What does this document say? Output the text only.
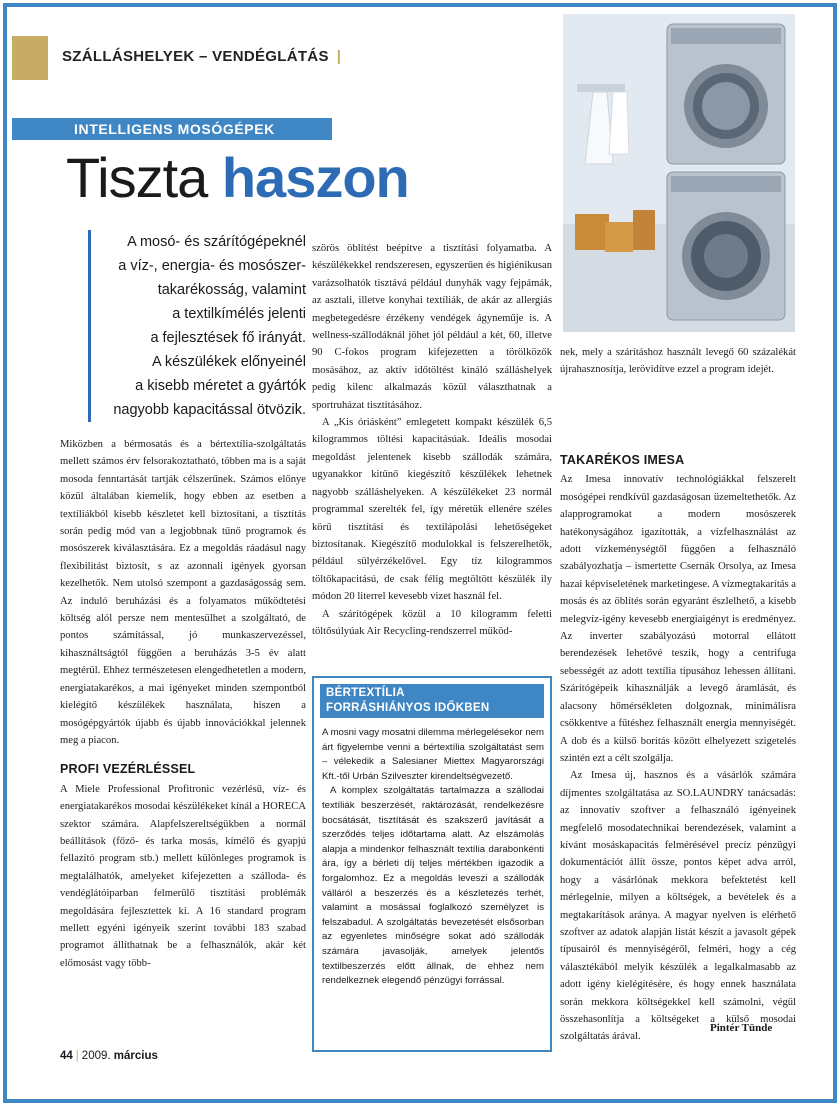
SZÁLLÁSHELYEK – VENDÉGLÁTÁS |
INTELLIGENS MOSÓGÉPEK
Tiszta haszon
A mosó- és szárítógépeknél
a víz-, energia- és mosószer-
takarékosság, valamint
a textilkímélés jelenti
a fejlesztések fő irányát.
A készülékek előnyeinél
a kisebb méretet a gyártók
nagyobb kapacitással ötvözik.

Miközben a bérmosatás és a bértextília-szolgáltatás mellett számos érv felsorakoztatható, többen ma is a saját mosoda fenntartását tartják célszerűnek. Számos előnye közül általában kiemelik, hogy ebben az esetben a textíliákból kisebb készletet kell biztosítani, a tisztítás során pedig mód van a legjobbnak tűnő programok és mosószerek kiválasztására. Ez a megoldás ráadásul nagy flexibilitást biztosít, s az azonnali igények gyorsan kezelhetők. Nem utolsó szempont a gazdaságosság sem. Az induló beruházási és a folyamatos működtetési költség alól persze nem mentesülhet a szolgáltató, de pontos számítással, jó munkaszervezéssel, kihasználtságtól függően a beruházás 3-5 év alatt megtérül. Ehhez természetesen elengedhetetlen a modern, energiatakarékos, a mai igényeket minden szempontból kielégítő készülékek használata, hiszen a mosógépgyártók újabb és újabb innovációkkal jelennek meg a piacon.

PROFI VEZÉRLÉSSEL

A Miele Professional Profitronic vezérlésű, víz- és energiatakarékos mosodai készülékeket kínál a HORECA szektor számára. Alapfelszereltségükben a normál beállítások (főző- és tarka mosás, kímélő és gyapjú fellazító program stb.) mellett különleges programok is megtalálhatók, amelyeket kifejezetten a szálloda- és vendéglátóiparban felmerülő tisztítási problémák megoldására fejlesztettek ki. A 16 standard program mellett egyéni igényeik szerint további 183 szabad programot állíthatnak be a felhasználók, akár két előmosást vagy több-

szörös öblítést beépítve a tisztítási folyamatba. A készülékekkel rendszeresen, egyszerűen és higiénikusan varázsolhatók tisztává például dunyhák vagy fejpámák, az asztali, illetve konyhai textíliák, de akár az allergiás megbetegedésre érzékeny vendégek ágyneműje is. A wellness-szállodáknál jöhet jól például a két, 60, illetve 90 C-fokos program kifejezetten a törölközők mosásához, az aktív időtöltést kínáló szálláshelyek pedig kilenc alkalmazás közül választhatnak a sportruházat tisztításához.

A „Kis óriásként” emlegetett kompakt készülék 6,5 kilogrammos töltési kapacitásúak. Ideális mosodai megoldást jelentenek kisebb szállodák számára, ugyanakkor kitűnő kiegészítő készülékek lehetnek nagyobb szálláshelyeken. A készülékeket 23 normál programmal szerelték fel, így méretük ellenére széles körű tisztítási és textilápolási lehetőségeket biztosítanak. Kiegészítő modulokkal is felszerelhetők, például sülyérzékelővel. Egy tíz kilogrammos töltőkapacitású, de csak félig megtöltött készülék ily módon 20 literrel kevesebb vizet használ fel.

A szárítógépek közül a 10 kilogramm feletti töltősúlyúak Air Recycling-rendszerrel működ-

BÉRTEXTÍLIA
FORRÁSHIÁNYOS IDŐKBEN

A mosni vagy mosatni dilemma mérlegelésekor nem árt figyelembe venni a bértextília szolgáltatást sem – vélekedik a Salesianer Miettex Magyarországi Kft.-től Urbán Szilveszter kirendeltségvezető.

A komplex szolgáltatás tartalmazza a szállodai textíliák beszerzését, raktározását, rendelkezésre bocsátását, tisztítását és szakszerű javítását a szerződés teljes időtartama alatt. Az elszámolás alapja a mindenkor felhasznált textília darabonkénti ára, így a bérleti díj teljes mértékben igazodik a forgalomhoz. Ez a megoldás leveszi a szállodák válláról a beszerzés és a készletezés terhét, valamint a mosással foglalkozó személyzet is felszabadul. A szolgáltatás bevezetését elsősorban az egyenletes minőségre sokat adó szállodák számára javasolják, amelyek jelentős textilbeszerzés előtt állnak, de ehhez nem rendelkeznek elegendő pénzügyi forrással.

nek, mely a szárításhoz használt levegő 60 százalékát újrahasznosítja, lerövidítve ezzel a program idejét.

TAKARÉKOS IMESA

Az Imesa innovatív technológiákkal felszerelt mosógépei rendkívül gazdaságosan üzemeltethetők. Az alapprogramokat a modern mosószerek hatékonyságához igazították, a vízfelhasználást az adott vízkeménységtől függően a felhasználó szabályozhatja – ismertette Csernák Orsolya, az Imesa hazai képviseletének marketingese. A vízmegtakarítás a mosás és az öblítés során egyaránt észlelhető, a kisebb melegvíz-igény kevesebb energiaigényt is eredményez. Az inverter szabályozású motorral ellátott berendezések lehetővé teszik, hogy a centrifuga sebességét az adott textília típusához lehessen állítani. Szárítógépeik kihasználják a levegő áramlását, és alacsony hőmérsékleten dolgoznak, minimálisra csökkentve a fűtéshez felhasznált energia mennyiségét. A dob és a külső borítás között elhelyezett szigetelés szintén ezt a célt szolgálja.

Az Imesa új, hasznos és a vásárlók számára díjmentes szolgáltatása az SO.LAUNDRY tanácsadás: az innovatív szoftver a felhasználó igényeinek megfelelő mosodatechnikai berendezések, valamint a kívánt mosáskapacitás felmérésével precíz pénzügyi dokumentációt állít össze, pontos képet adva arról, hogy a vásárlónak mekkora befektetést kell mérlegelnie, milyen a költségek, a bevételek és a megtakarítások aránya. A magyar nyelven is elérhető szoftver az adatok alapján listát készít a javasolt gépek típusairól és mennyiségéről, felméri, hogy a cég választékából melyik készülék a legalkalmasabb az adott igény kielégítésére, és hogy ennek használata során mekkora költségekkel kell számolni, végül összehasonlítja a költségeket a külső mosodai szolgáltatás árával.

Pintér Tünde
44 | 2009. március
